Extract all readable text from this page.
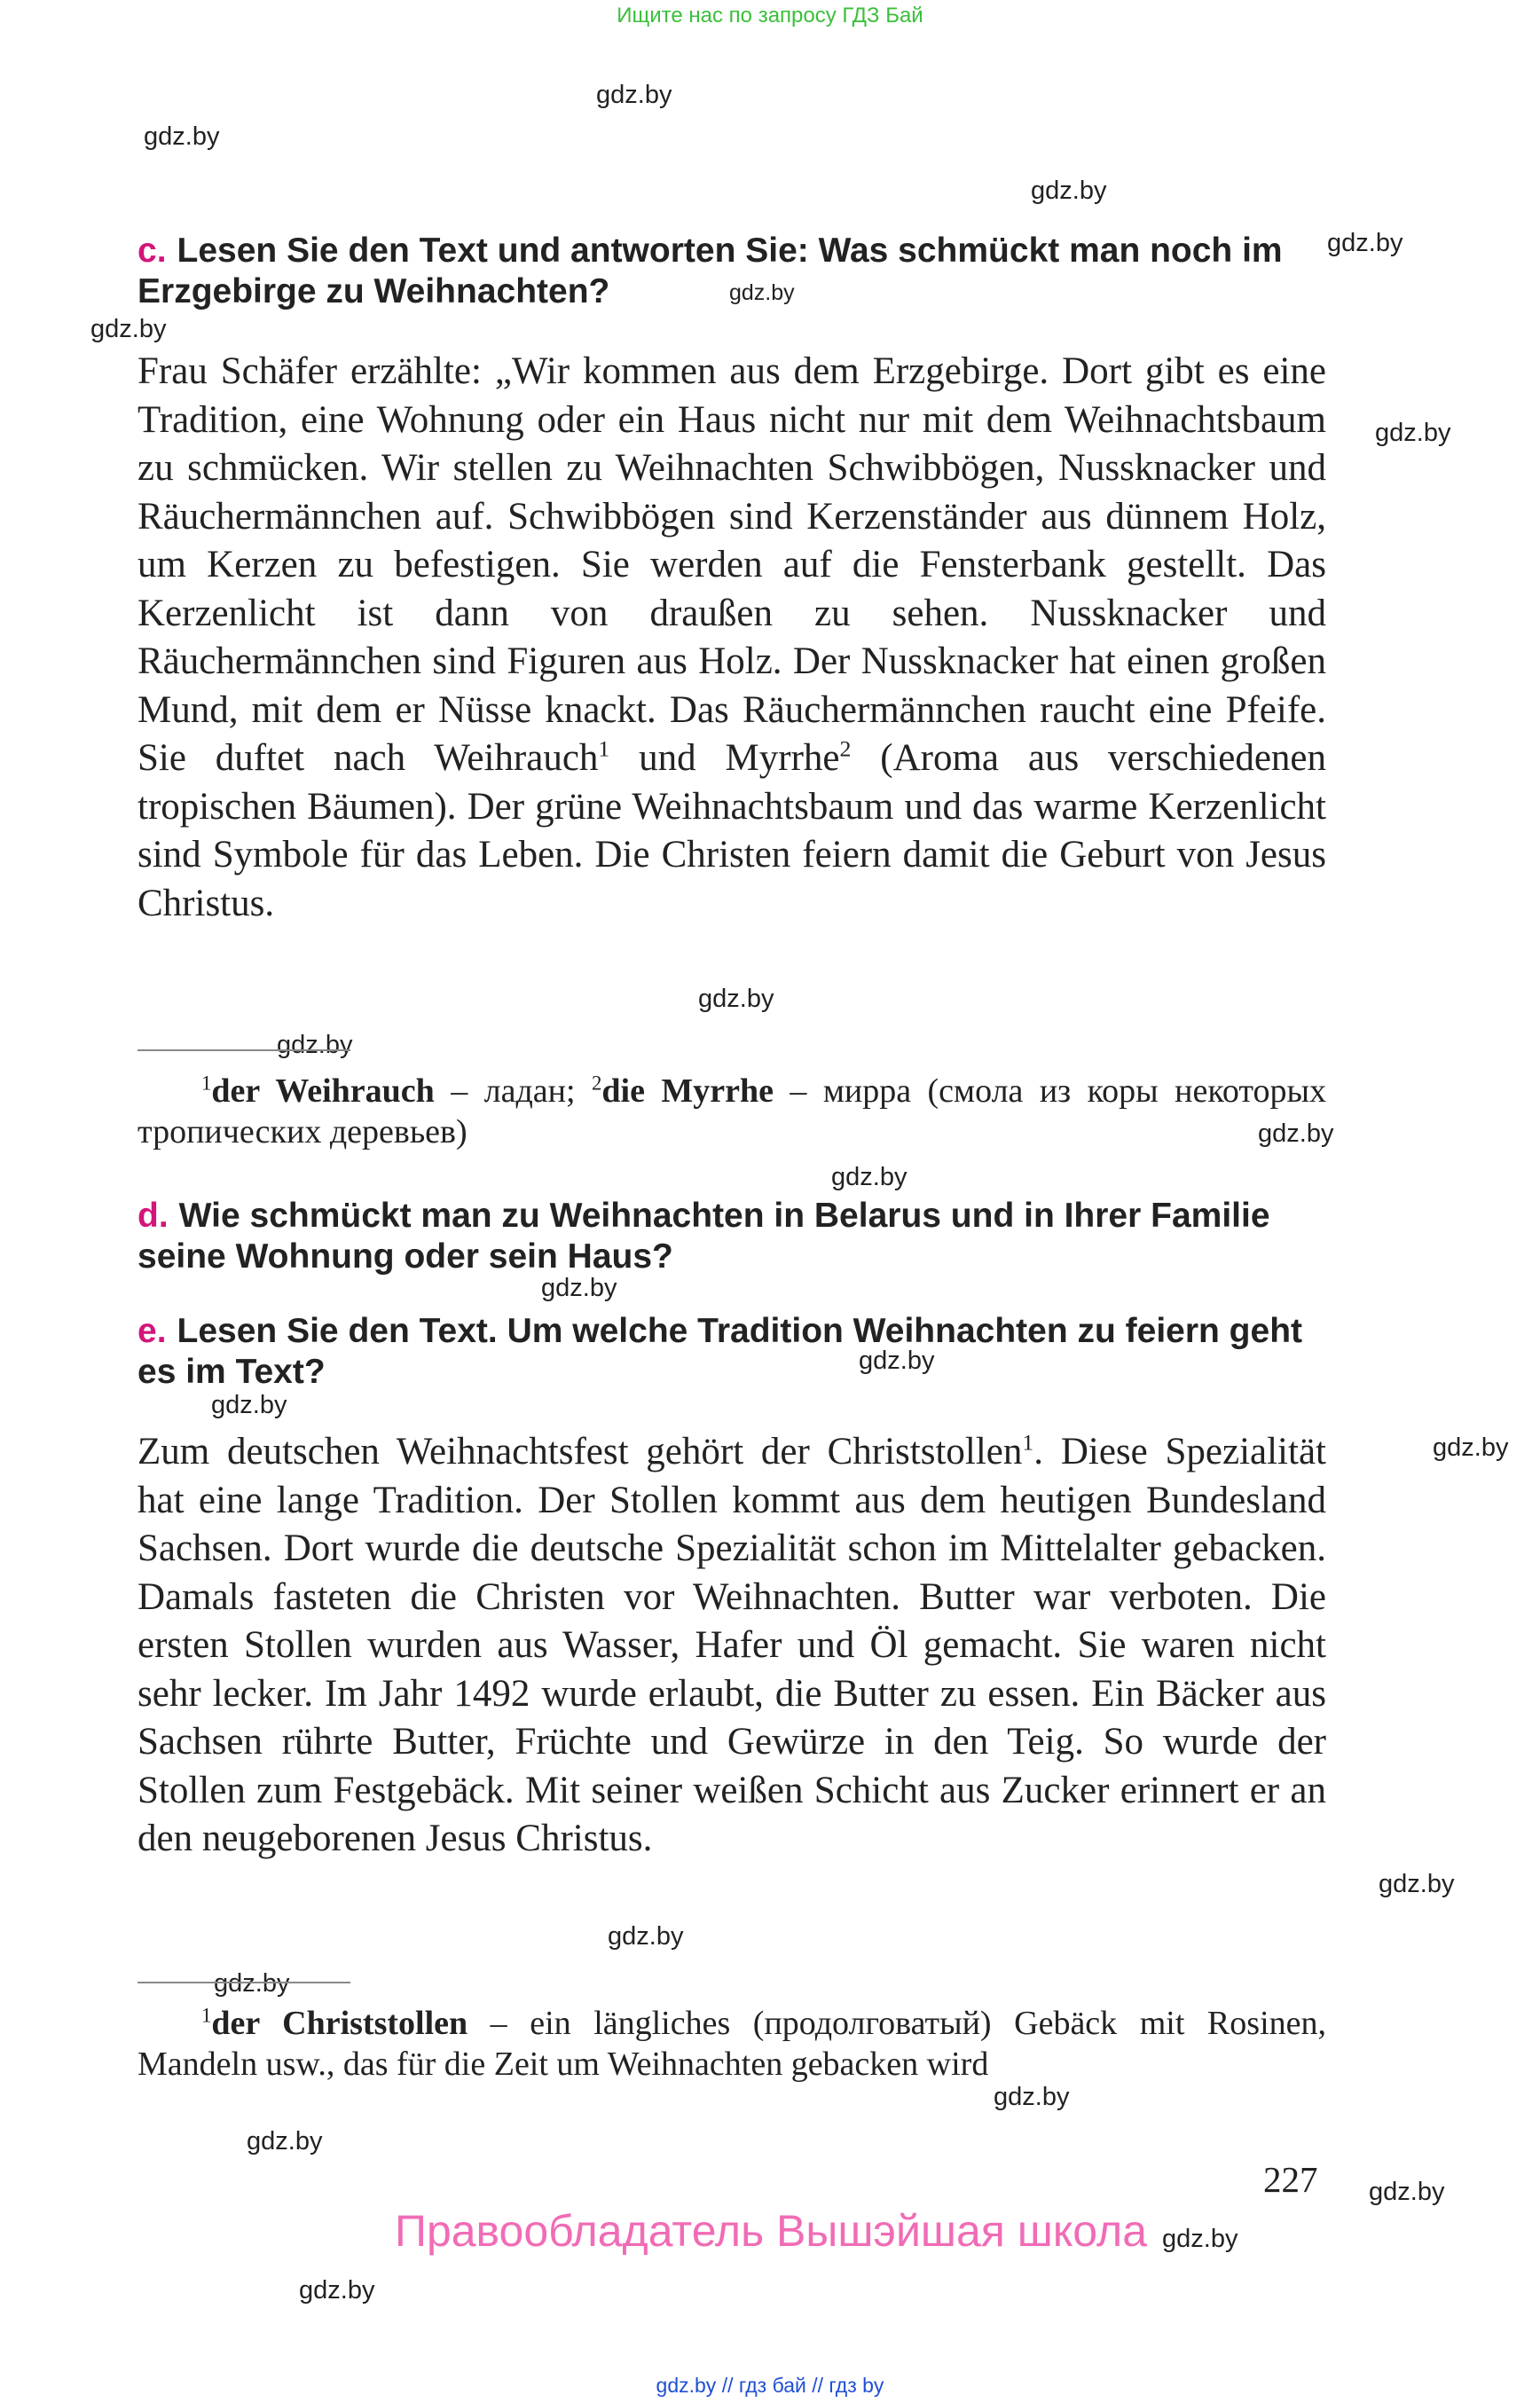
Ищите нас по запросу ГДЗ Бай
gdz.by
gdz.by
gdz.by
gdz.by
gdz.by
gdz.by
gdz.by
gdz.by
gdz.by
gdz.by
gdz.by
gdz.by
gdz.by
gdz.by
gdz.by
gdz.by
gdz.by
gdz.by
gdz.by
gdz.by
gdz.by
gdz.by
gdz.by
c. Lesen Sie den Text und antworten Sie: Was schmückt man noch im Erzgebirge zu Weihnachten?
Frau Schäfer erzählte: „Wir kommen aus dem Erzgebirge. Dort gibt es eine Tradition, eine Wohnung oder ein Haus nicht nur mit dem Weihnachtsbaum zu schmücken. Wir stellen zu Weihnachten Schwibbögen, Nussknacker und Räuchermännchen auf. Schwibbögen sind Kerzenständer aus dünnem Holz, um Kerzen zu befestigen. Sie werden auf die Fensterbank gestellt. Das Kerzenlicht ist dann von draußen zu sehen. Nussknacker und Räuchermännchen sind Figuren aus Holz. Der Nussknacker hat einen großen Mund, mit dem er Nüsse knackt. Das Räuchermännchen raucht eine Pfeife. Sie duftet nach Weihrauch$^1$ und Myrrhe$^2$ (Aroma aus verschiedenen tropischen Bäumen). Der grüne Weihnachtsbaum und das warme Kerzenlicht sind Symbole für das Leben. Die Christen feiern damit die Geburt von Jesus Christus.
$^1$der Weihrauch – ладан; $^2$die Myrrhe – мирра (смола из коры некоторых тропических деревьев)
d. Wie schmückt man zu Weihnachten in Belarus und in Ihrer Familie seine Wohnung oder sein Haus?
e. Lesen Sie den Text. Um welche Tradition Weihnachten zu feiern geht es im Text?
Zum deutschen Weihnachtsfest gehört der Christstollen$^1$. Diese Spezialität hat eine lange Tradition. Der Stollen kommt aus dem heutigen Bundesland Sachsen. Dort wurde die deutsche Spezialität schon im Mittelalter gebacken. Damals fasteten die Christen vor Weihnachten. Butter war verboten. Die ersten Stollen wurden aus Wasser, Hafer und Öl gemacht. Sie waren nicht sehr lecker. Im Jahr 1492 wurde erlaubt, die Butter zu essen. Ein Bäcker aus Sachsen rührte Butter, Früchte und Gewürze in den Teig. So wurde der Stollen zum Festgebäck. Mit seiner weißen Schicht aus Zucker erinnert er an den neugeborenen Jesus Christus.
$^1$der Christstollen – ein längliches (продолговатый) Gebäck mit Rosinen, Mandeln usw., das für die Zeit um Weihnachten gebacken wird
227
Правообладатель Вышэйшая школа
gdz.by // гдз бай // гдз by
